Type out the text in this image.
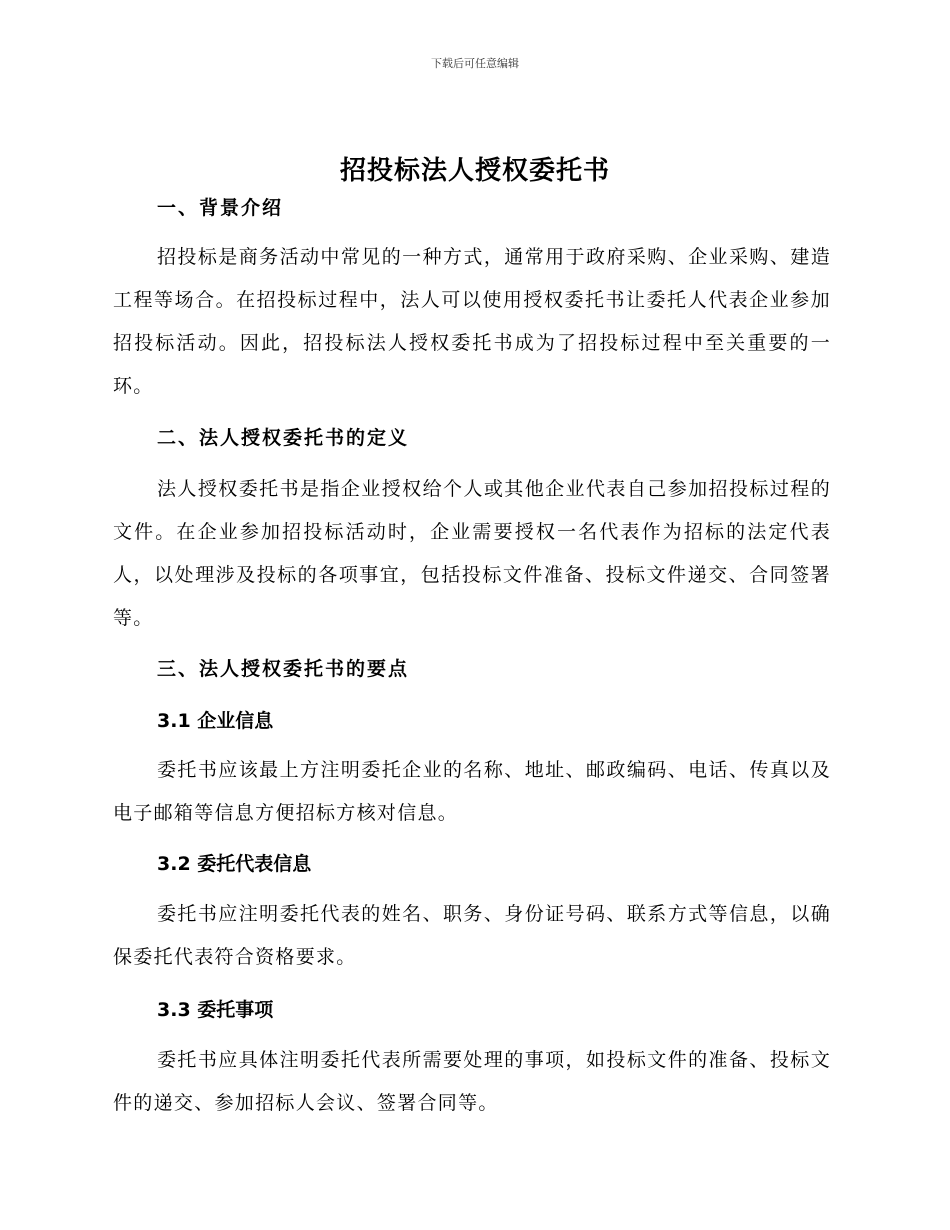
下载后可任意编辑
招投标法人授权委托书
一、背景介绍
招投标是商务活动中常见的一种方式，通常用于政府采购、企业采购、建造工程等场合。在招投标过程中，法人可以使用授权委托书让委托人代表企业参加招投标活动。因此，招投标法人授权委托书成为了招投标过程中至关重要的一环。
二、法人授权委托书的定义
法人授权委托书是指企业授权给个人或其他企业代表自己参加招投标过程的文件。在企业参加招投标活动时，企业需要授权一名代表作为招标的法定代表人，以处理涉及投标的各项事宜，包括投标文件准备、投标文件递交、合同签署等。
三、法人授权委托书的要点
3.1 企业信息
委托书应该最上方注明委托企业的名称、地址、邮政编码、电话、传真以及电子邮箱等信息方便招标方核对信息。
3.2 委托代表信息
委托书应注明委托代表的姓名、职务、身份证号码、联系方式等信息，以确保委托代表符合资格要求。
3.3 委托事项
委托书应具体注明委托代表所需要处理的事项，如投标文件的准备、投标文件的递交、参加招标人会议、签署合同等。
